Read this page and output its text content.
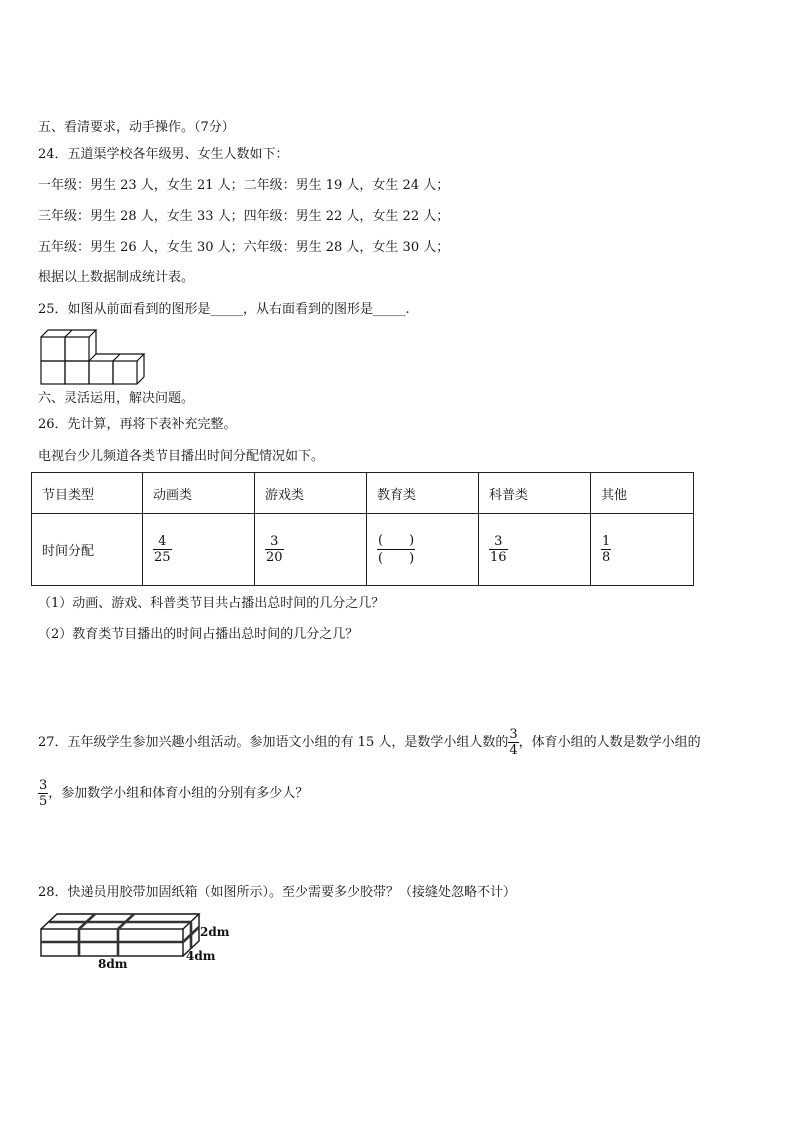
五、看清要求，动手操作。（7分）
24．五道渠学校各年级男、女生人数如下：
一年级：男生 23 人，女生 21 人；二年级：男生 19 人，女生 24 人；
三年级：男生 28 人，女生 33 人；四年级：男生 22 人，女生 22 人；
五年级：男生 26 人，女生 30 人；六年级：男生 28 人，女生 30 人；
根据以上数据制成统计表。
25．如图从前面看到的图形是_____，从右面看到的图形是_____.
六、灵活运用，解决问题。
26．先计算，再将下表补充完整。
电视台少儿频道各类节目播出时间分配情况如下。
节目类型	动画类	游戏类	教育类	科普类	其他
时间分配	$\frac{4}{25}$	$\frac{3}{20}$	$\frac{( )}{( )}$	$\frac{3}{16}$	$\frac{1}{8}$
（1）动画、游戏、科普类节目共占播出总时间的几分之几？
（2）教育类节目播出的时间占播出总时间的几分之几？
27．五年级学生参加兴趣小组活动。参加语文小组的有 15 人，是数学小组人数的 $\frac{3}{4}$ ，体育小组的人数是数学小组的
$\frac{3}{5}$ ，参加数学小组和体育小组的分别有多少人？
28．快递员用胶带加固纸箱（如图所示）。至少需要多少胶带？（接缝处忽略不计）
2dm
4dm
8dm
